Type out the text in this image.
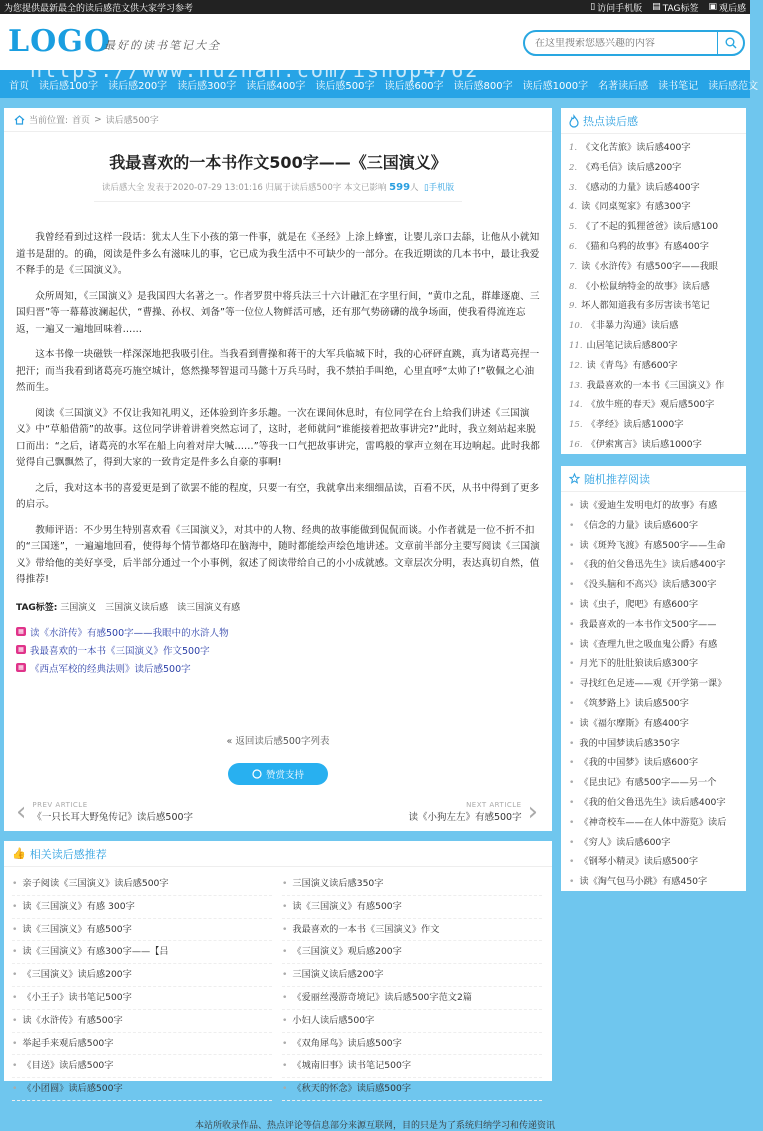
为您提供最新最全的读后感范文供大家学习参考	▯ 访问手机版 ▤ TAG标签 ▣ 观后感
LOGO
最好的读书笔记大全
在这里搜索您感兴趣的内容
https://www.huzhan.com/ishop4762
首页	读后感100字	读后感200字	读后感300字	读后感400字	读后感500字	读后感600字	读后感800字	读后感1000字	名著读后感	读书笔记	读后感范文
当前位置: 首页 > 读后感500字
我最喜欢的一本书作文500字——《三国演义》
读后感大全 发表于2020-07-29 13:01:16 归属于读后感500字 本文已影响 599人 ▯手机版

我曾经看到过这样一段话：犹太人生下小孩的第一件事，就是在《圣经》上涂上蜂蜜，让婴儿亲口去舔，让他从小就知道书是甜的。的确，阅读是件多么有滋味儿的事，它已成为我生活中不可缺少的一部分。在我近期读的几本书中，最让我爱不释手的是《三国演义》。

众所周知，《三国演义》是我国四大名著之一。作者罗贯中将兵法三十六计融汇在字里行间，“黄巾之乱，群雄逐鹿、三国归晋”等一幕幕波澜起伏，“曹操、孙权、刘备”等一位位人物鲜活可感，还有那气势磅礴的战争场面，使我看得流连忘返，一遍又一遍地回味着……

这本书像一块磁铁一样深深地把我吸引住。当我看到曹操和蒋干的大军兵临城下时，我的心砰砰直跳，真为诸葛亮捏一把汗；而当我看到诸葛亮巧施空城计，悠然操琴智退司马懿十万兵马时，我不禁拍手叫绝，心里直呼“太帅了!”敬佩之心油然而生。

阅读《三国演义》不仅让我知礼明义，还体验到许多乐趣。一次在课间休息时，有位同学在台上给我们讲述《三国演义》中“草船借箭”的故事。这位同学讲着讲着突然忘词了，这时，老师就问“谁能接着把故事讲完?”此时，我立刻站起来脱口而出：“之后，诸葛亮的水军在船上向着对岸大喊……”等我一口气把故事讲完，雷鸣般的掌声立刻在耳边响起。此时我都觉得自己飘飘然了，得到大家的一致肯定是件多么自豪的事啊!

之后，我对这本书的喜爱更是到了欲罢不能的程度，只要一有空，我就拿出来细细品读，百看不厌，从书中得到了更多的启示。

教师评语：不少男生特别喜欢看《三国演义》，对其中的人物、经典的故事能做到侃侃而谈。小作者就是一位不折不扣的“三国迷”，一遍遍地回看，使得每个情节都烙印在脑海中，随时都能绘声绘色地讲述。文章前半部分主要写阅读《三国演义》带给他的美好享受，后半部分通过一个小事例，叙述了阅读带给自己的小小成就感。文章层次分明，表达真切自然，值得推荐!

TAG标签: 三国演义 三国演义读后感 读三国演义有感
▦ 读《水浒传》有感500字——我眼中的水浒人物
▦ 我最喜欢的一本书《三国演义》作文500字
▦ 《西点军校的经典法则》读后感500字
« 返回读后感500字列表
赞赏支持
‹ PREV ARTICLE
《一只长耳大野兔传记》读后感500字
NEXT ARTICLE
读《小狗左左》有感500字 ›
👍 相关读后感推荐
• 亲子阅读《三国演义》读后感500字	• 三国演义读后感350字
• 读《三国演义》有感 300字	• 读《三国演义》有感500字
• 读《三国演义》有感500字	• 我最喜欢的一本书《三国演义》作文
• 读《三国演义》有感300字——【吕	• 《三国演义》观后感200字
• 《三国演义》读后感200字	• 三国演义读后感200字
• 《小王子》读书笔记500字	• 《爱丽丝漫游奇境记》读后感500字范文2篇
• 读《水浒传》有感500字	• 小妇人读后感500字
• 举起手来观后感500字	• 《双角犀鸟》读后感500字
• 《目送》读后感500字	• 《城南旧事》读书笔记500字
• 《小团圆》读后感500字	• 《秋天的怀念》读后感500字
热点读后感
1. 《文化苦旅》读后感400字
2. 《鸡毛信》读后感200字
3. 《感动的力量》读后感400字
4. 读《同桌冤家》有感300字
5. 《了不起的狐狸爸爸》读后感100
6. 《猫和乌鸦的故事》有感400字
7. 读《水浒传》有感500字——我眼
8. 《小松鼠纳特金的故事》读后感
9. 坏人都知道我有多厉害读书笔记
10. 《非暴力沟通》读后感
11. 山居笔记读后感800字
12. 读《青鸟》有感600字
13. 我最喜欢的一本书《三国演义》作
14. 《放牛班的春天》观后感500字
15. 《孝经》读后感1000字
16. 《伊索寓言》读后感1000字
随机推荐阅读
• 读《爱迪生发明电灯的故事》有感
• 《信念的力量》读后感600字
• 读《斑羚飞渡》有感500字——生命
• 《我的伯父鲁迅先生》读后感400字
• 《没头脑和不高兴》读后感300字
• 读《虫子，爬吧》有感600字
• 我最喜欢的一本书作文500字——
• 读《查理九世之吸血鬼公爵》有感
• 月光下的肚肚狼读后感300字
• 寻找红色足迹——观《开学第一课》
• 《筑梦路上》读后感500字
• 读《福尔摩斯》有感400字
• 我的中国梦读后感350字
• 《我的中国梦》读后感600字
• 《昆虫记》有感500字——另一个
• 《我的伯父鲁迅先生》读后感400字
• 《神奇校车——在人体中游览》读后
• 《穷人》读后感600字
• 《钢琴小精灵》读后感500字
• 读《淘气包马小跳》有感450字
本站所收录作品、热点评论等信息部分来源互联网，目的只是为了系统归纳学习和传递资讯
